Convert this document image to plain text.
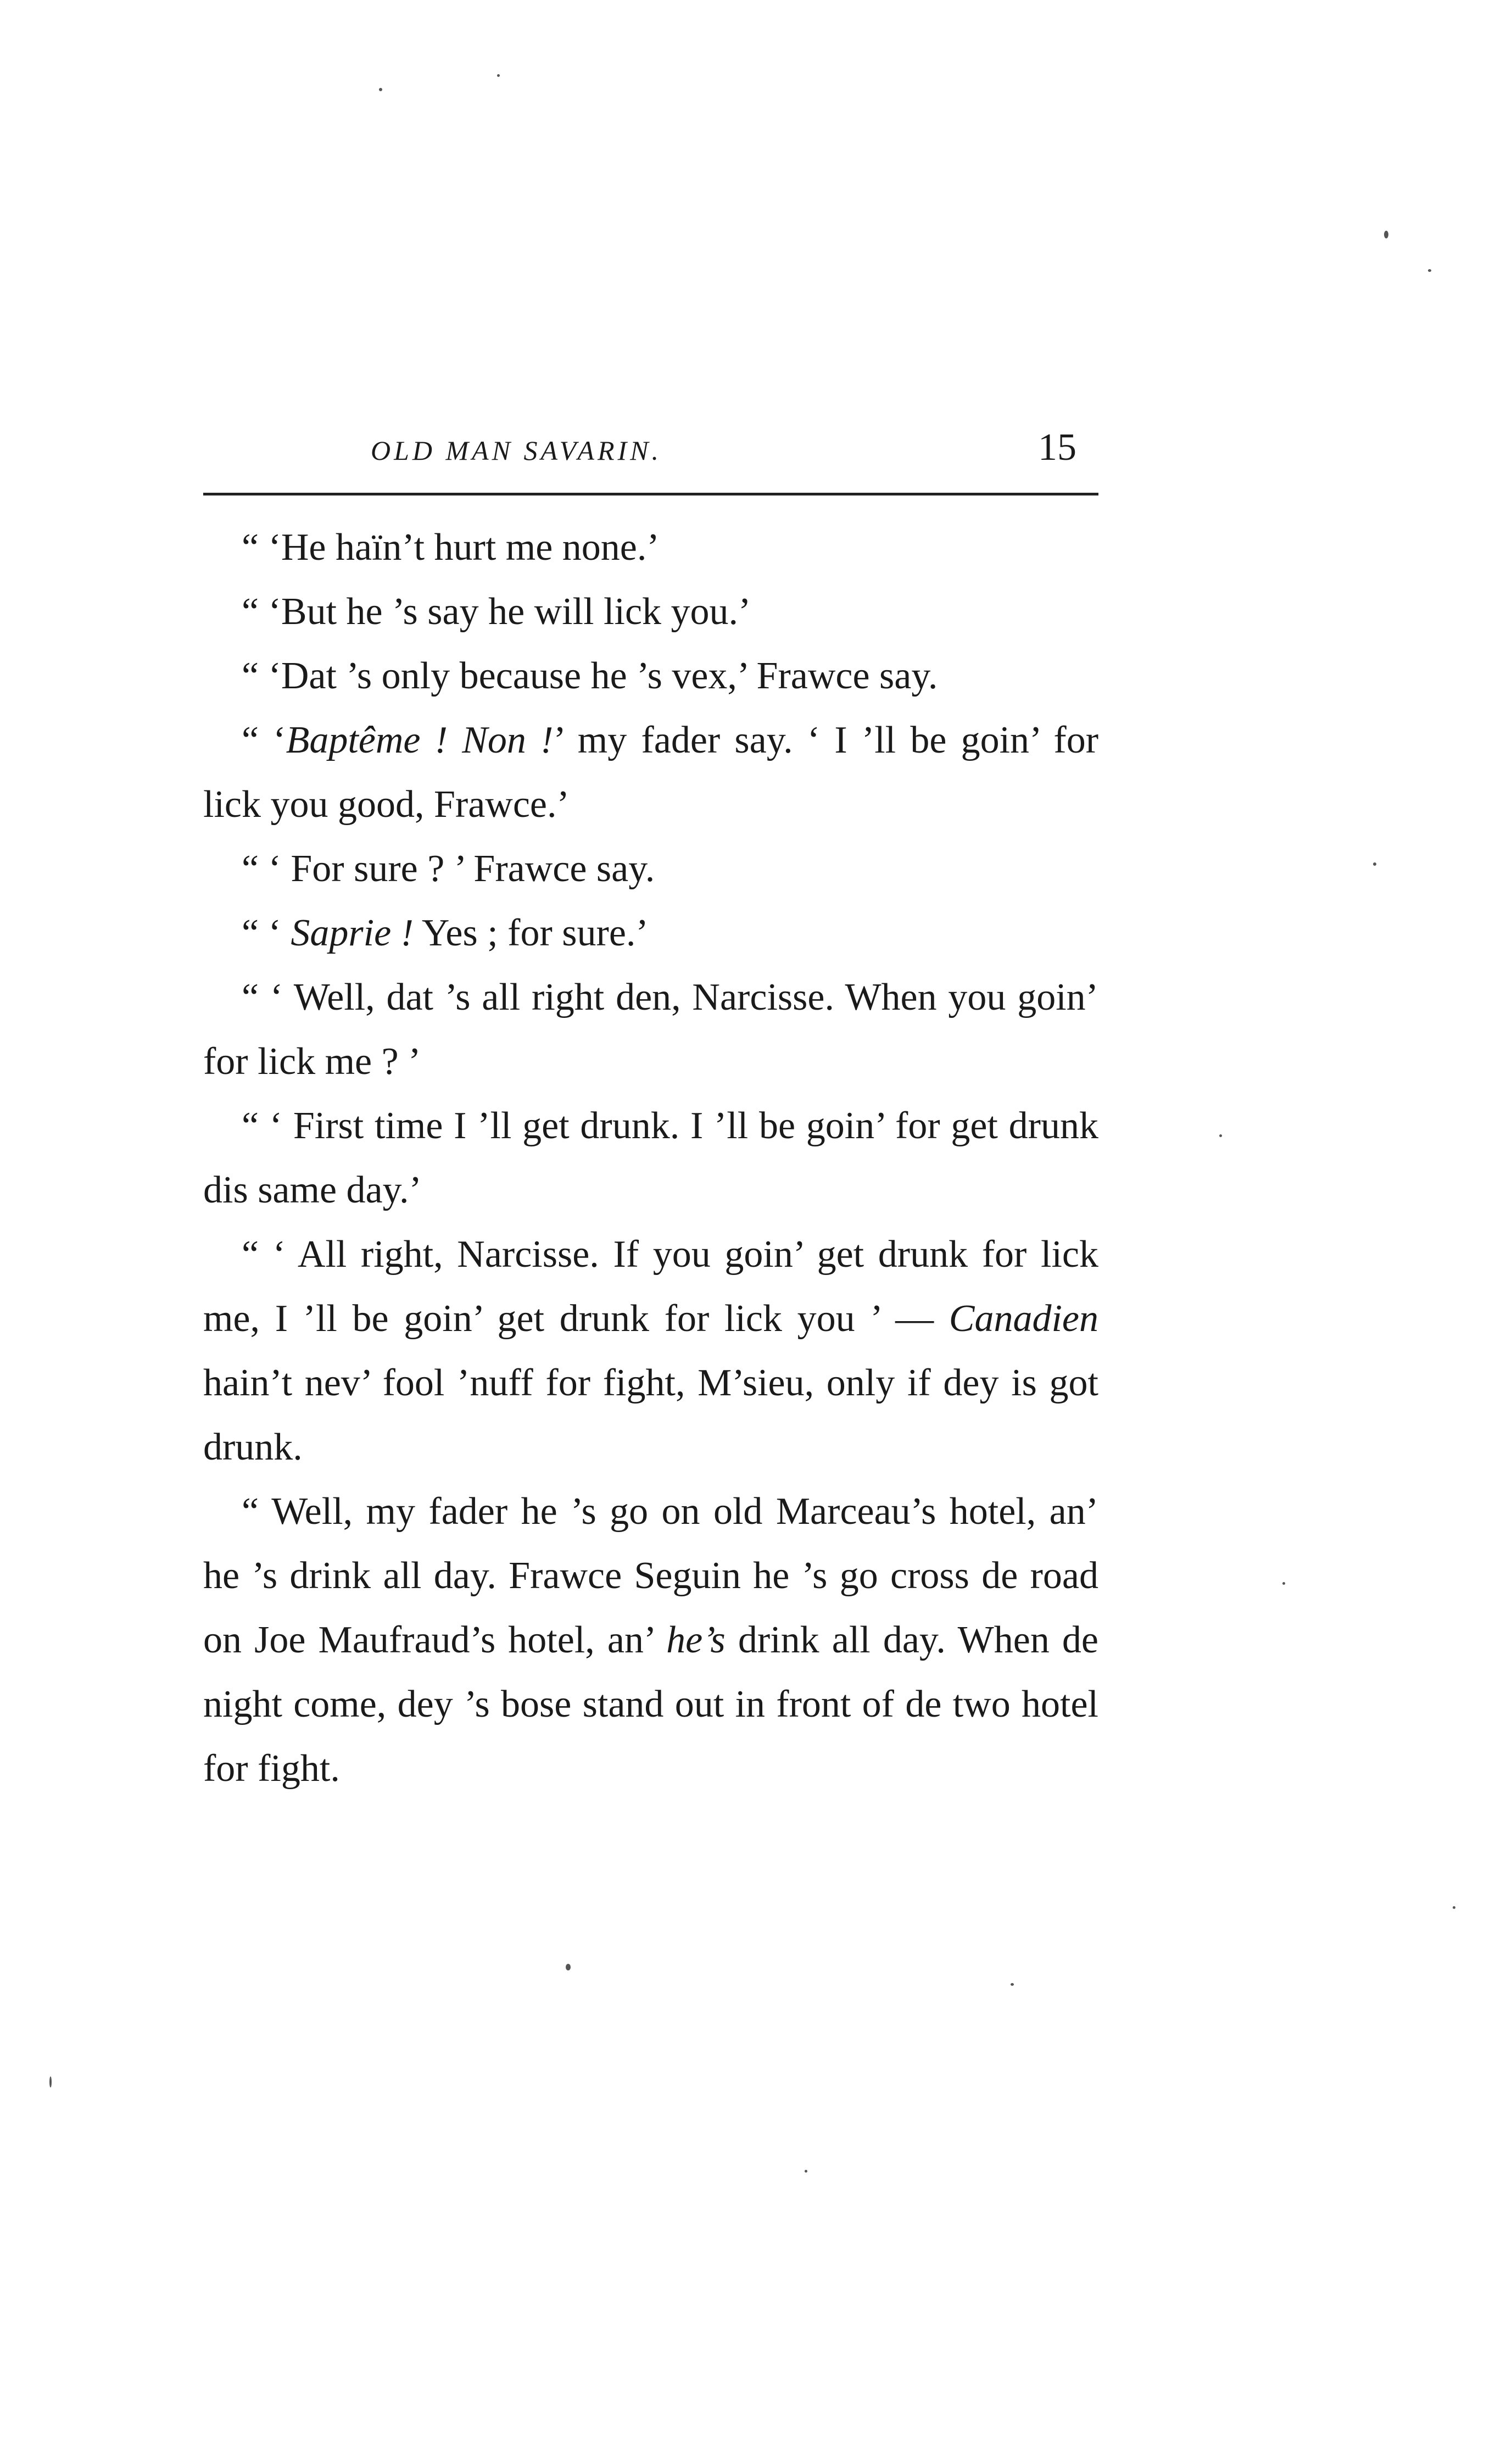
OLD MAN SAVARIN.	15

“ ‘He haïn’t hurt me none.’

“ ‘But he ’s say he will lick you.’

“ ‘Dat ’s only because he ’s vex,’ Frawce say.

“ ‘Baptême ! Non !’ my fader say. ‘ I ’ll be goin’ for lick you good, Frawce.’

“ ‘ For sure ? ’ Frawce say.

“ ‘ Saprie ! Yes ; for sure.’

“ ‘ Well, dat ’s all right den, Narcisse. When you goin’ for lick me ? ’

“ ‘ First time I ’ll get drunk. I ’ll be goin’ for get drunk dis same day.’

“ ‘ All right, Narcisse. If you goin’ get drunk for lick me, I ’ll be goin’ get drunk for lick you ’ — Canadien hain’t nev’ fool ’nuff for fight, M’sieu, only if dey is got drunk.

“ Well, my fader he ’s go on old Marceau’s hotel, an’ he ’s drink all day. Frawce Seguin he ’s go cross de road on Joe Maufraud’s hotel, an’ he’s drink all day. When de night come, dey ’s bose stand out in front of de two hotel for fight.
